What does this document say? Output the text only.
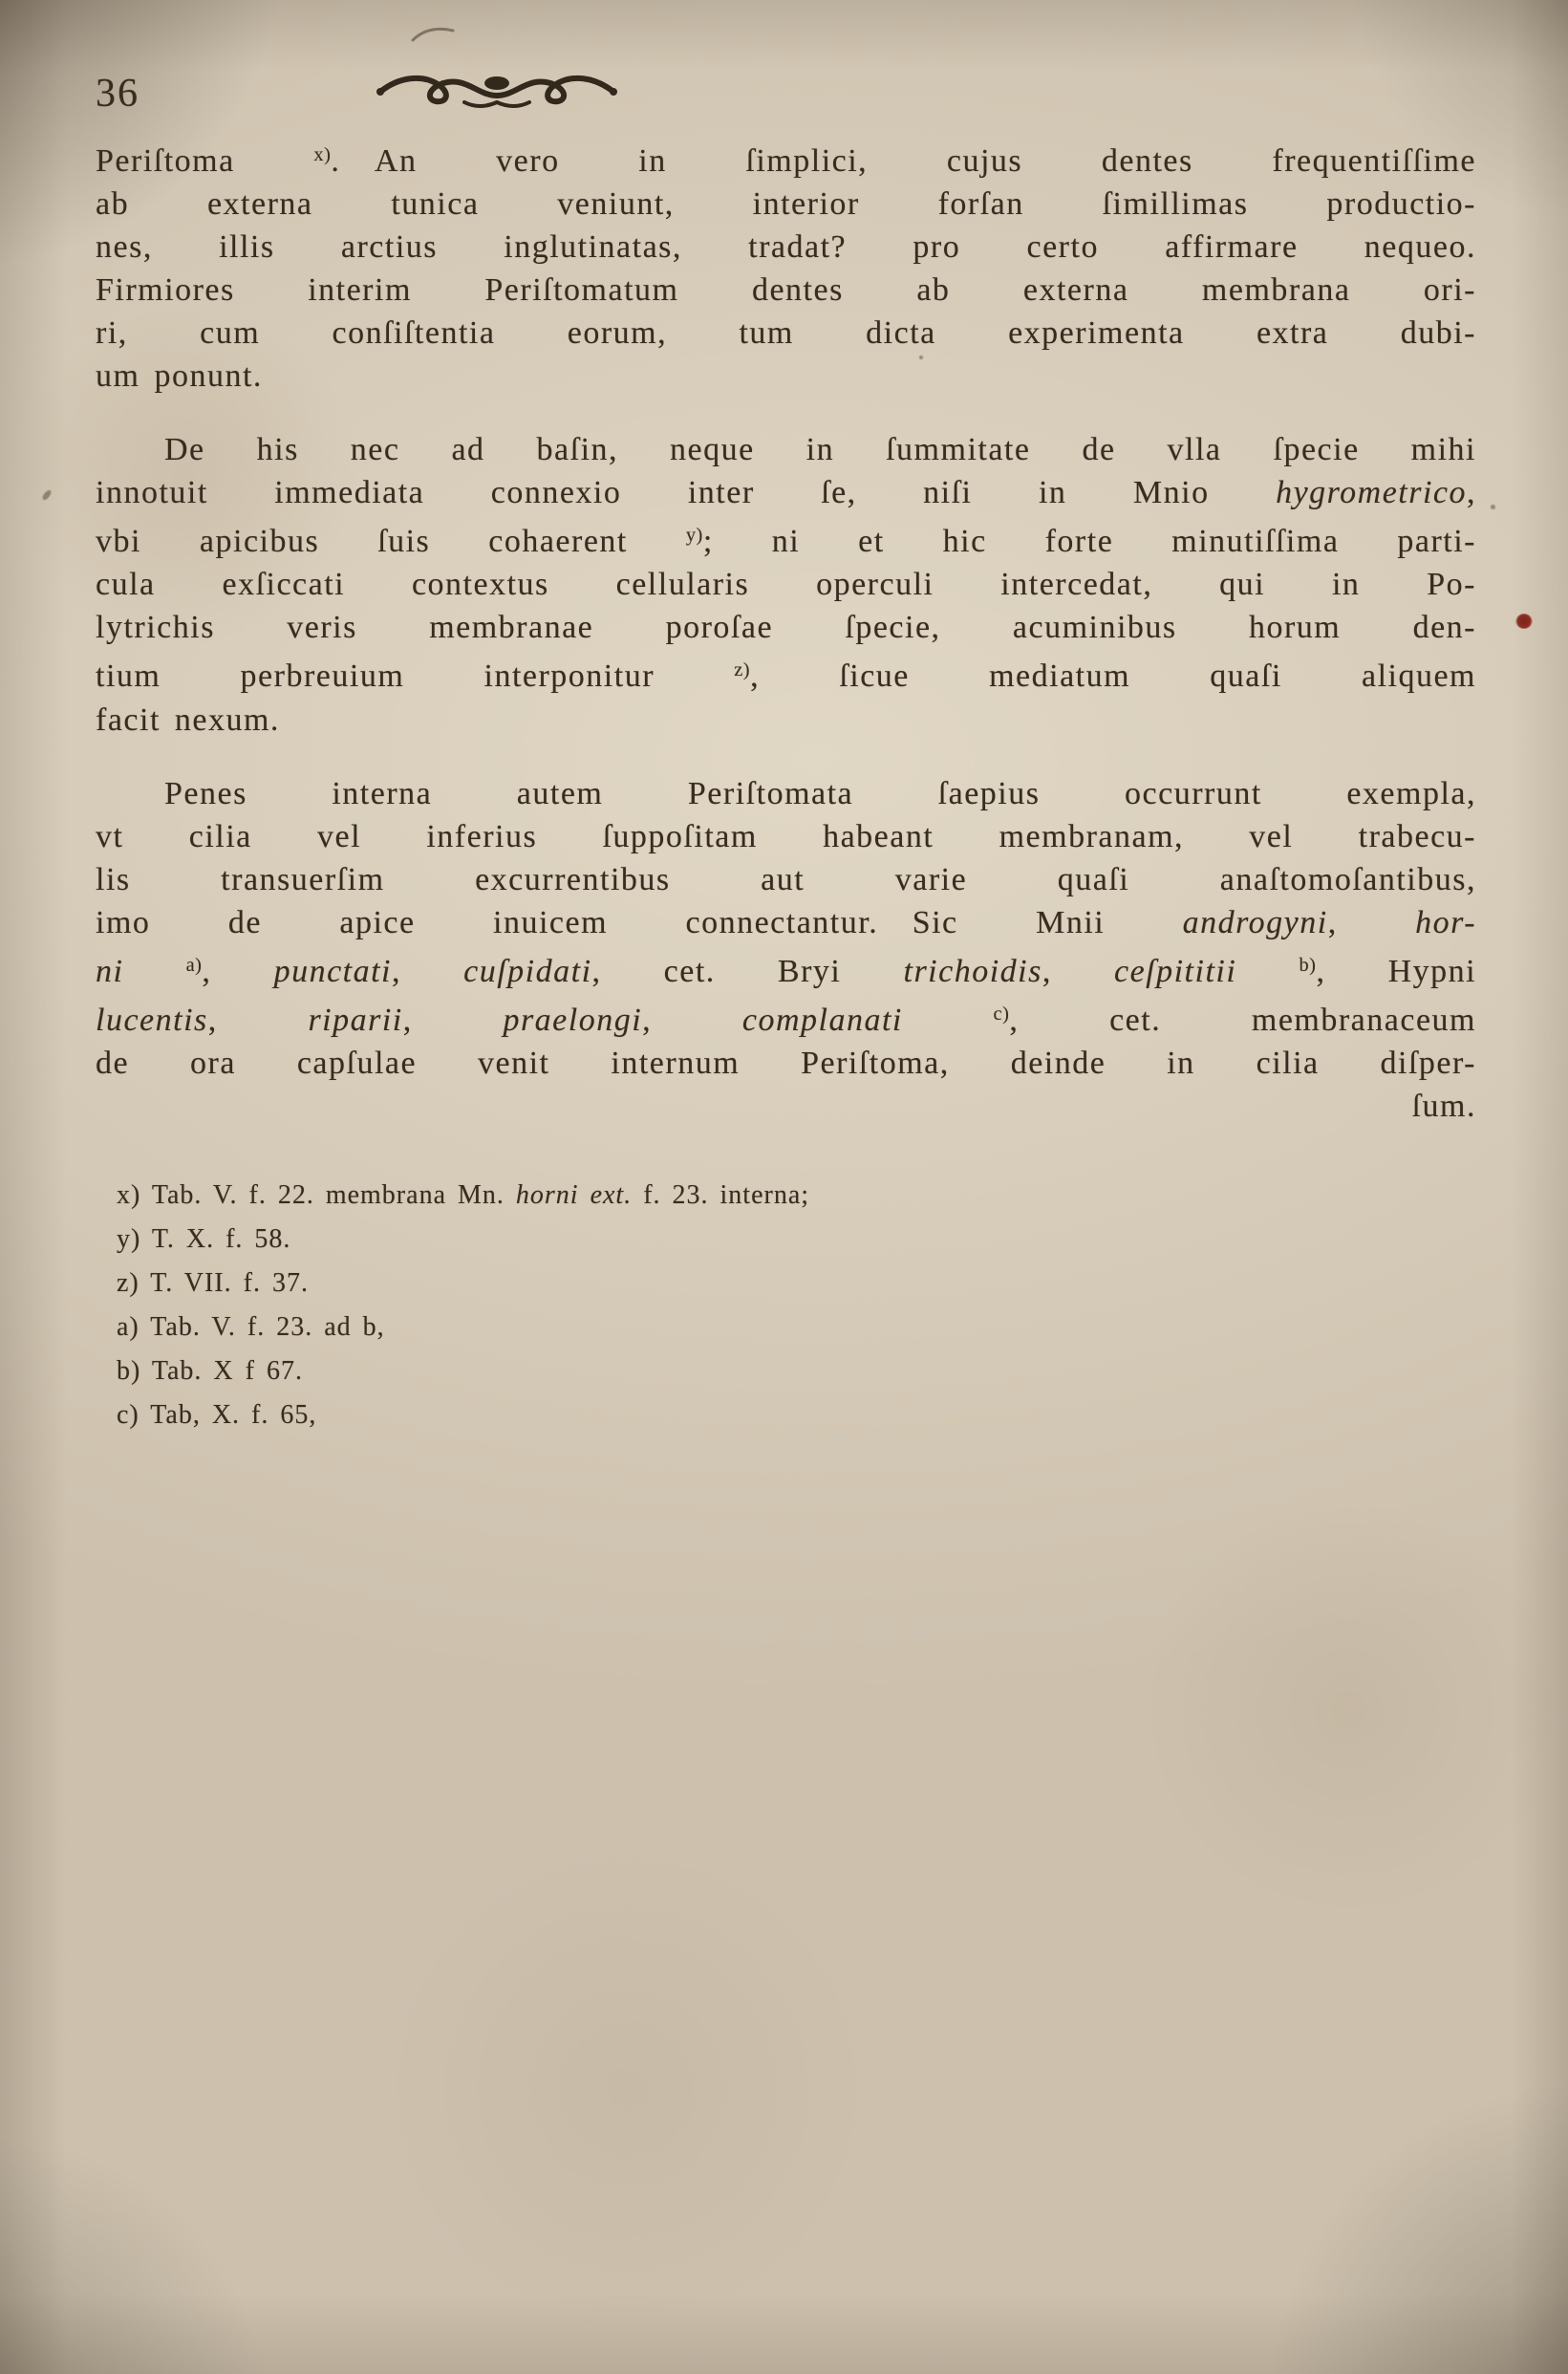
36
Periſtoma $^{x)}$. An vero in ſimplici, cujus dentes frequentiſſime
ab externa tunica veniunt, interior forſan ſimillimas productio-
nes, illis arctius inglutinatas, tradat? pro certo affirmare nequeo.
Firmiores interim Periſtomatum dentes ab externa membrana ori-
ri, cum conſiſtentia eorum, tum dicta experimenta extra dubi-
um ponunt.
De his nec ad baſin, neque in ſummitate de vlla ſpecie mihi
innotuit immediata connexio inter ſe, niſi in Mnio hygrometrico,
vbi apicibus ſuis cohaerent $^{y)}$; ni et hic forte minutiſſima parti-
cula exſiccati contextus cellularis operculi intercedat, qui in Po-
lytrichis veris membranae poroſae ſpecie, acuminibus horum den-
tium perbreuium interponitur $^{z)}$, ſicue mediatum quaſi aliquem
facit nexum.
Penes interna autem Periſtomata ſaepius occurrunt exempla,
vt cilia vel inferius ſuppoſitam habeant membranam, vel trabecu-
lis transuerſim excurrentibus aut varie quaſi anaſtomoſantibus,
imo de apice inuicem connectantur. Sic Mnii androgyni, hor-
ni $^{a)}$, punctati, cuſpidati, cet. Bryi trichoidis, ceſpititii	$^{b)}$, Hypni
lucentis, riparii, praelongi, complanati	$^{c)}$, cet. membranaceum
de ora capſulae venit internum Periſtoma, deinde in cilia diſper-
ſum.
x) Tab. V. f. 22. membrana Mn. horni ext. f. 23. interna;
y) T. X. f. 58.
z) T. VII. f. 37.
a) Tab. V. f. 23. ad b,
b) Tab. X f 67.
c) Tab, X. f. 65,
